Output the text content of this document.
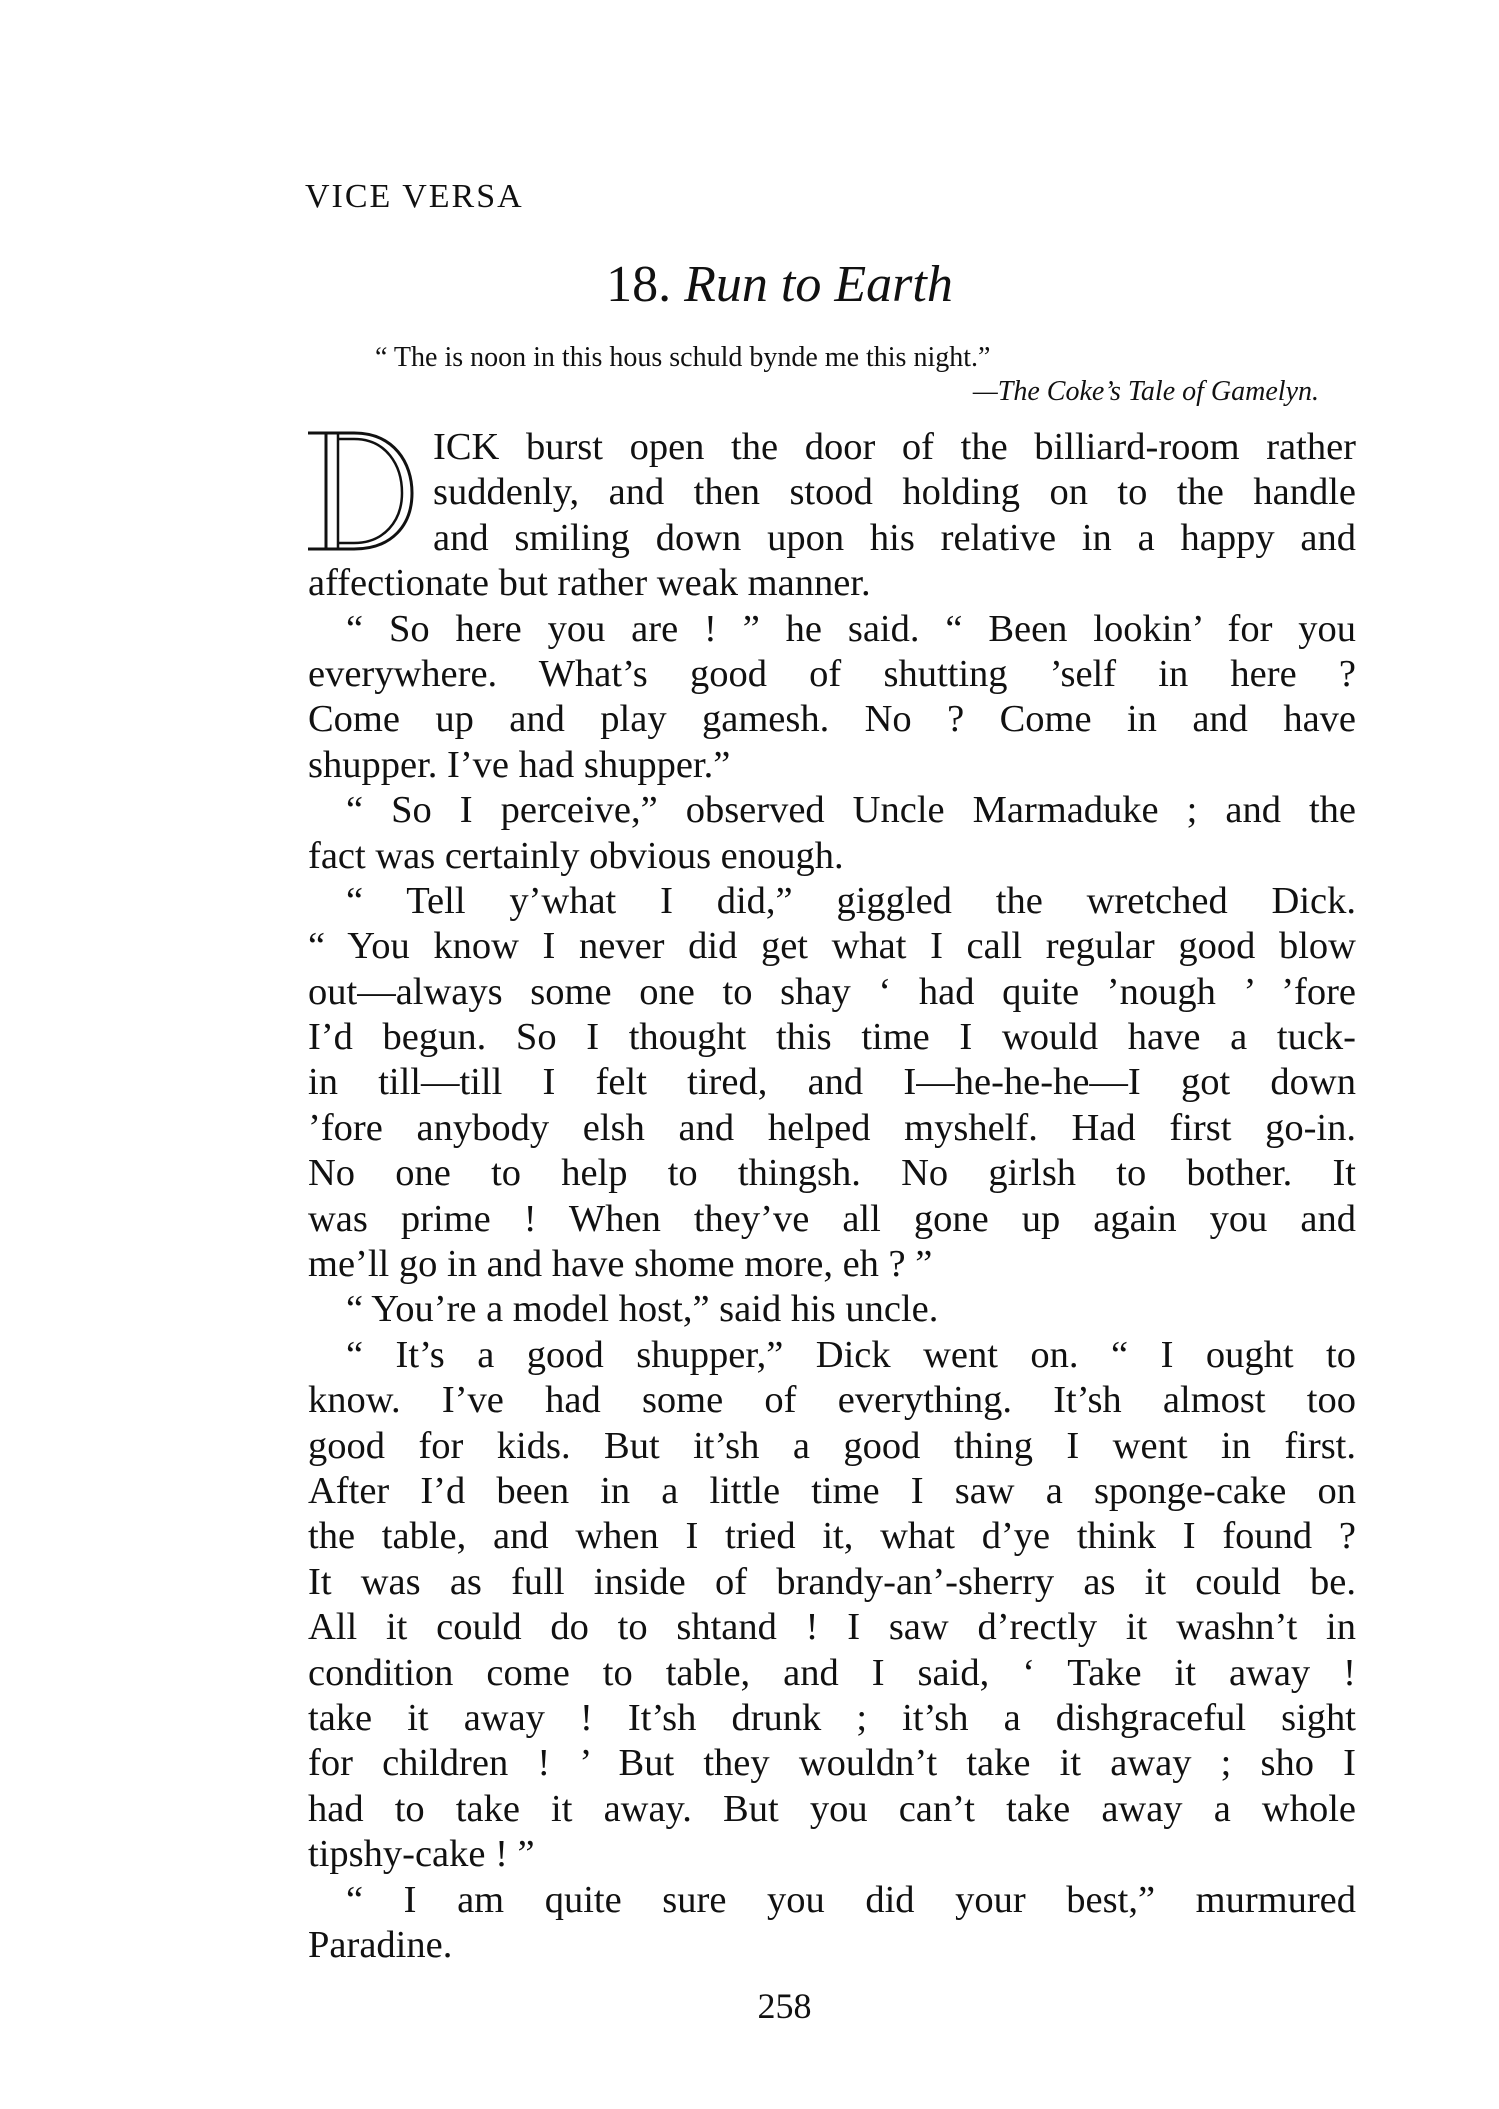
VICE VERSA
18. Run to Earth
“ The is noon in this hous schuld bynde me this night.”
—The Coke’s Tale of Gamelyn.
ICK burst open the door of the billiard-room rather
suddenly, and then stood holding on to the handle
and smiling down upon his relative in a happy and
affectionate but rather weak manner.
“ So here you are ! ” he said. “ Been lookin’ for you
everywhere. What’s good of shutting ’self in here ?
Come up and play gamesh. No ? Come in and have
shupper. I’ve had shupper.”
“ So I perceive,” observed Uncle Marmaduke ; and the
fact was certainly obvious enough.
“ Tell y’what I did,” giggled the wretched Dick.
“ You know I never did get what I call regular good blow
out—always some one to shay ‘ had quite ’nough ’ ’fore
I’d begun. So I thought this time I would have a tuck-
in till—till I felt tired, and I—he-he-he—I got down
’fore anybody elsh and helped myshelf. Had first go-in.
No one to help to thingsh. No girlsh to bother. It
was prime ! When they’ve all gone up again you and
me’ll go in and have shome more, eh ? ”
“ You’re a model host,” said his uncle.
“ It’s a good shupper,” Dick went on. “ I ought to
know. I’ve had some of everything. It’sh almost too
good for kids. But it’sh a good thing I went in first.
After I’d been in a little time I saw a sponge-cake on
the table, and when I tried it, what d’ye think I found ?
It was as full inside of brandy-an’-sherry as it could be.
All it could do to shtand ! I saw d’rectly it washn’t in
condition come to table, and I said, ‘ Take it away !
take it away ! It’sh drunk ; it’sh a dishgraceful sight
for children ! ’ But they wouldn’t take it away ; sho I
had to take it away. But you can’t take away a whole
tipshy-cake ! ”
“ I am quite sure you did your best,” murmured
Paradine.
258
